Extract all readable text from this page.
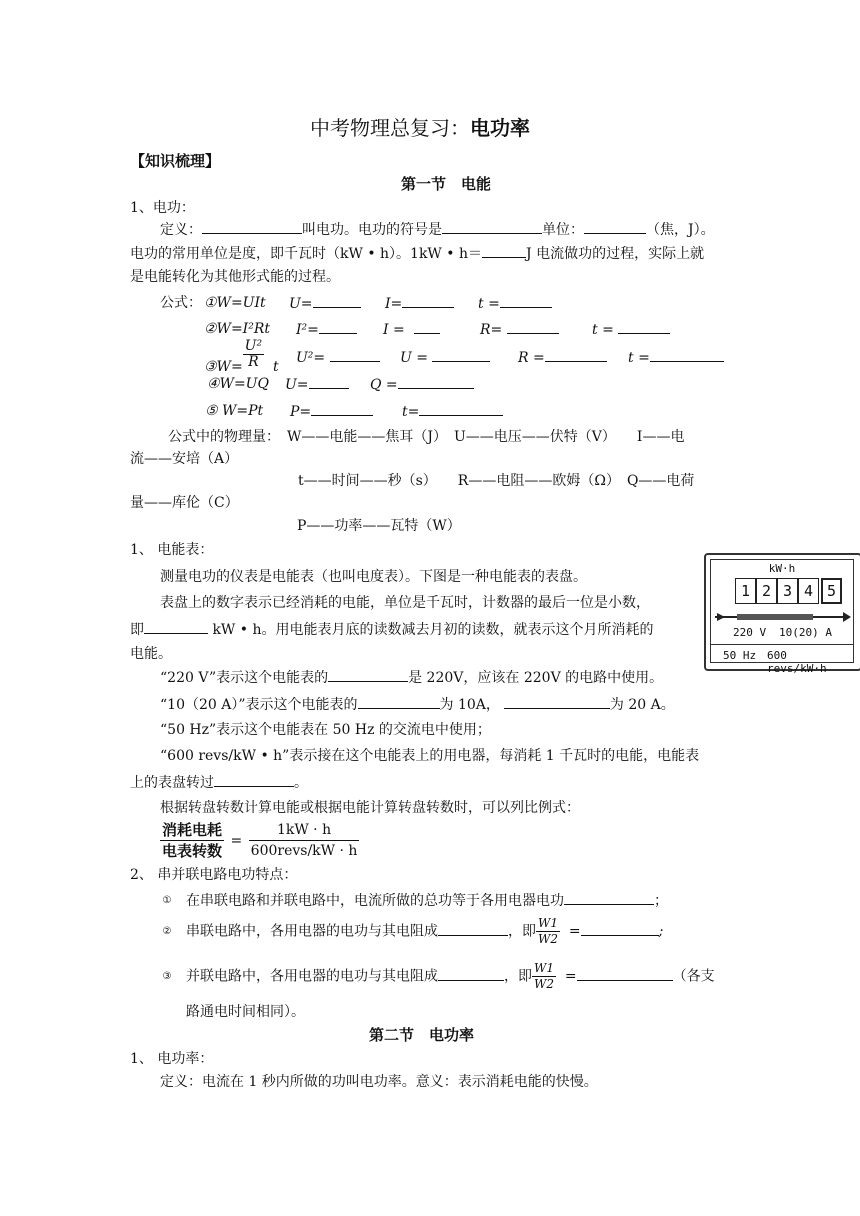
中考物理总复习：电功率
【知识梳理】
第一节　电能
1、电功：
定义：	叫电功。电功的符号是	单位：	（焦，J）。
电功的常用单位是度，即千瓦时（kW • h）。1kW • h＝	J 电流做功的过程，实际上就
是电能转化为其他形式能的过程。
公式： ①W=UIt U=	I=	t =
②W=I²Rt I²=	I =	R=	t =
③W= $\frac{\text{U²}}{R}$ t
U²=	U =	R =	t =
④W=UQ U=	Q =
⑤ W=Pt P=	t=
公式中的物理量：　W——电能——焦耳（J）　U——电压——伏特（V）　　I——电
流——安培（A）
t——时间——秒（s）　　R——电阻——欧姆（Ω）　Q——电荷
量——库伦（C）
P——功率——瓦特（W）
1、 电能表：
测量电功的仪表是电能表（也叫电度表）。下图是一种电能表的表盘。
表盘上的数字表示已经消耗的电能，单位是千瓦时，计数器的最后一位是小数，
即	kW • h。用电能表月底的读数减去月初的读数，就表示这个月所消耗的
电能。
“220 V”表示这个电能表的	是 220V，应该在 220V 的电路中使用。
“10（20 A）”表示这个电能表的	为 10A，	为 20 A。
“50 Hz”表示这个电能表在 50 Hz 的交流电中使用；
“600 revs/kW • h”表示接在这个电能表上的用电器，每消耗 1 千瓦时的电能，电能表
上的表盘转过	。
根据转盘转数计算电能或根据电能计算转盘转数时，可以列比例式：
$\frac{\text{消耗电耗}}{\text{电表转数}} = \frac{1kW \cdot h}{\text{600revs/kW · h}}$
kW·h
1 2 3 4 5
220 V 10(20) A
50 Hz 600 revs/kW·h
2、 串并联电路电功特点：
① 在串联电路和并联电路中，电流所做的总功等于各用电器电功	；
② 串联电路中，各用电器的电功与其电阻成	，即 $\frac{W1}{W2}$ =	;
③ 并联电路中，各用电器的电功与其电阻成	，即 $\frac{W1}{W2}$ =	（各支
路通电时间相同）。
第二节　电功率
1、 电功率：
定义：电流在 1 秒内所做的功叫电功率。意义：表示消耗电能的快慢。
